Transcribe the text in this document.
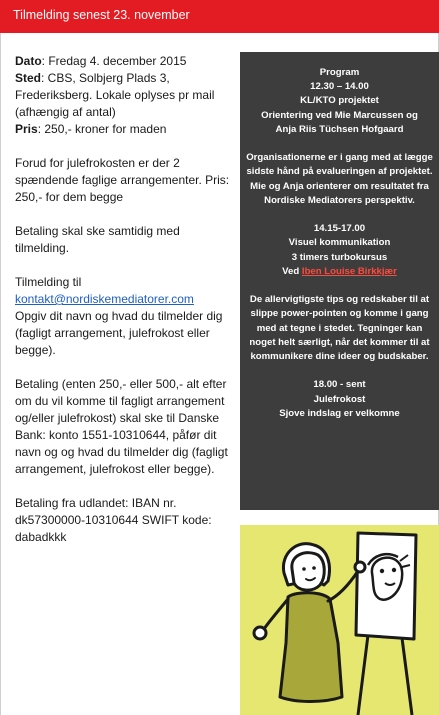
Tilmelding senest 23. november

Dato: Fredag 4. december 2015
Sted: CBS, Solbjerg Plads 3, Frederiksberg. Lokale oplyses pr mail (afhængig af antal)
Pris: 250,- kroner for maden

Forud for julefrokosten er der 2 spændende faglige arrangementer. Pris: 250,- for dem begge

Betaling skal ske samtidig med tilmelding.

Tilmelding til
kontakt@nordiskemediatorer.com
Opgiv dit navn og hvad du tilmelder dig (fagligt arrangement, julefrokost eller begge).

Betaling (enten 250,- eller 500,- alt efter om du vil komme til fagligt arrangement og/eller julefrokost) skal ske til Danske Bank: konto 1551-10310644, påfør dit navn og og hvad du tilmelder dig (fagligt arrangement, julefrokost eller begge).

Betaling fra udlandet: IBAN nr. dk57300000-10310644 SWIFT kode: dabadkkk

Program
12.30 – 14.00
KL/KTO projektet
Orientering ved Mie Marcussen og
Anja Riis Tüchsen Hofgaard
Organisationerne er i gang med at lægge sidste hånd på evalueringen af projektet. Mie og Anja orienterer om resultatet fra Nordiske Mediatorers perspektiv.
14.15-17.00
Visuel kommunikation
3 timers turbokursus
Ved Iben Louise Birkkjær
De allervigtigste tips og redskaber til at slippe power-pointen og komme i gang med at tegne i stedet. Tegninger kan noget helt særligt, når det kommer til at kommunikere dine ideer og budskaber.
18.00 - sent
Julefrokost
Sjove indslag er velkomne
